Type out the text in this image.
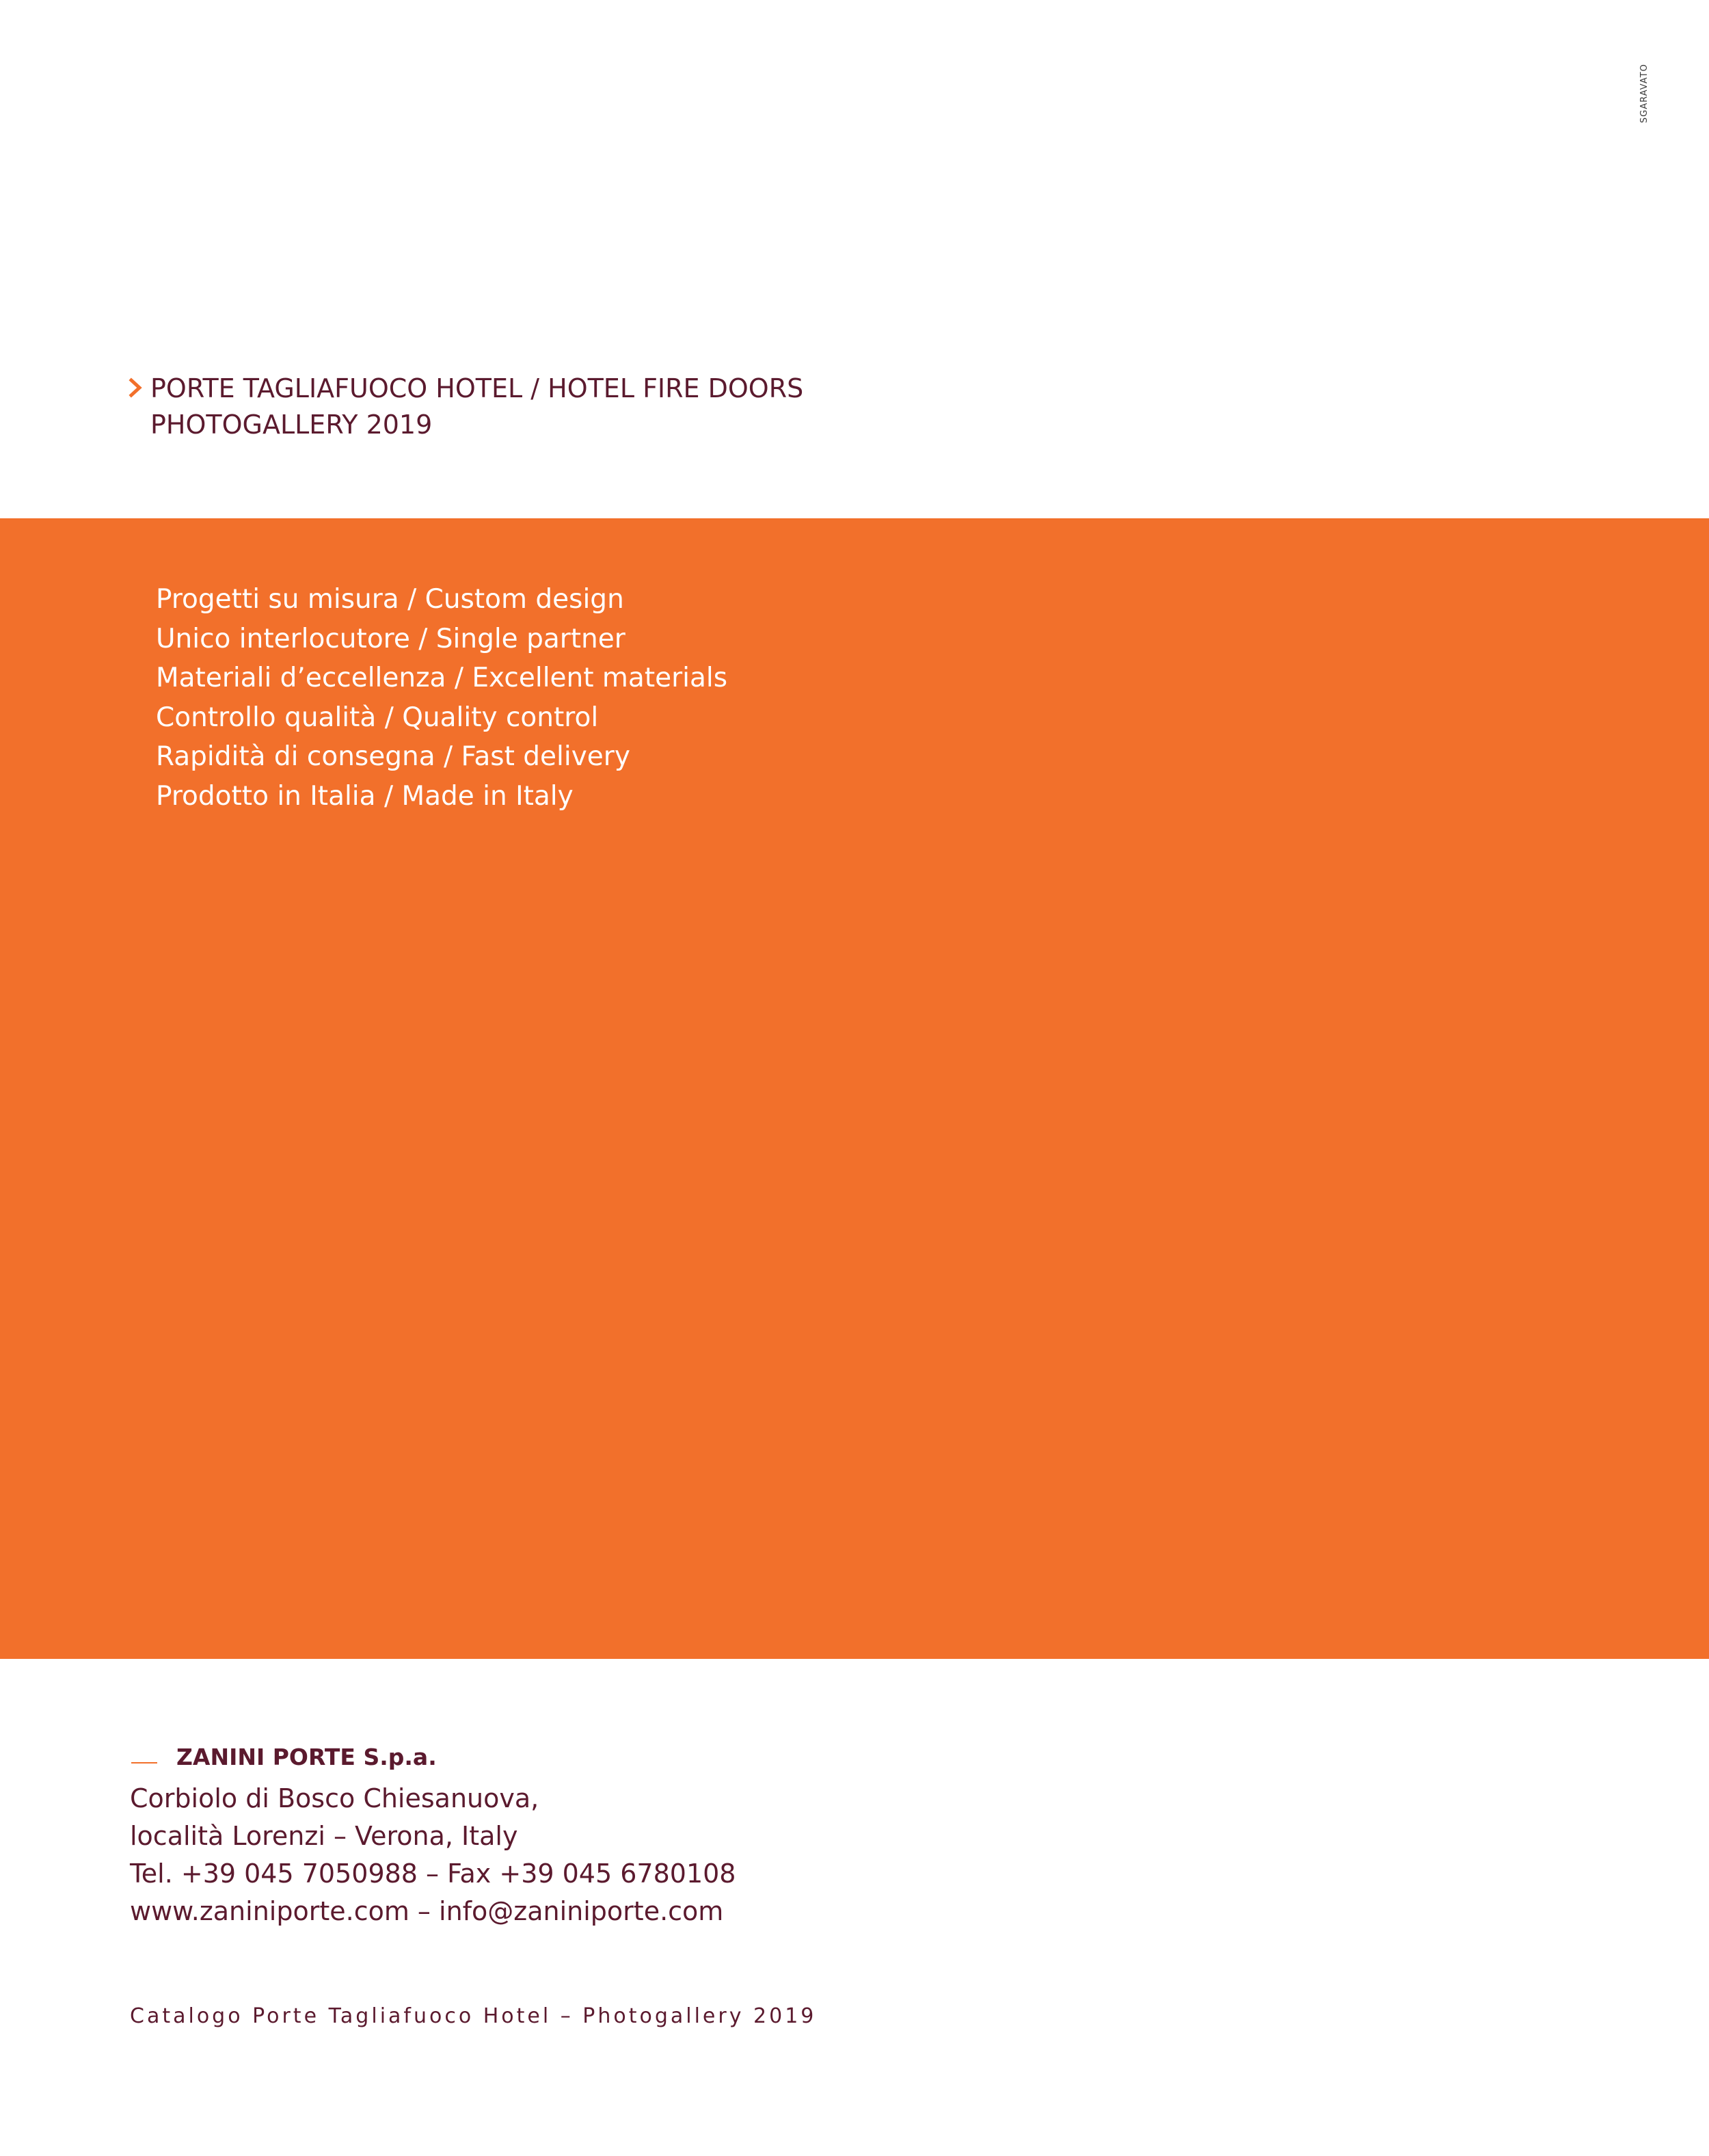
SGARAVATO

PORTE TAGLIAFUOCO HOTEL / HOTEL FIRE DOORS

PHOTOGALLERY 2019

Progetti su misura / Custom design
Unico interlocutore / Single partner
Materiali d’eccellenza / Excellent materials
Controllo qualità / Quality control
Rapidità di consegna / Fast delivery
Prodotto in Italia / Made in Italy

ZANINI PORTE S.p.a.

Corbiolo di Bosco Chiesanuova,

località Lorenzi – Verona, Italy

Tel. +39 045 7050988 – Fax +39 045 6780108

www.zaniniporte.com – info@zaniniporte.com

Catalogo Porte Tagliafuoco Hotel – Photogallery 2019
